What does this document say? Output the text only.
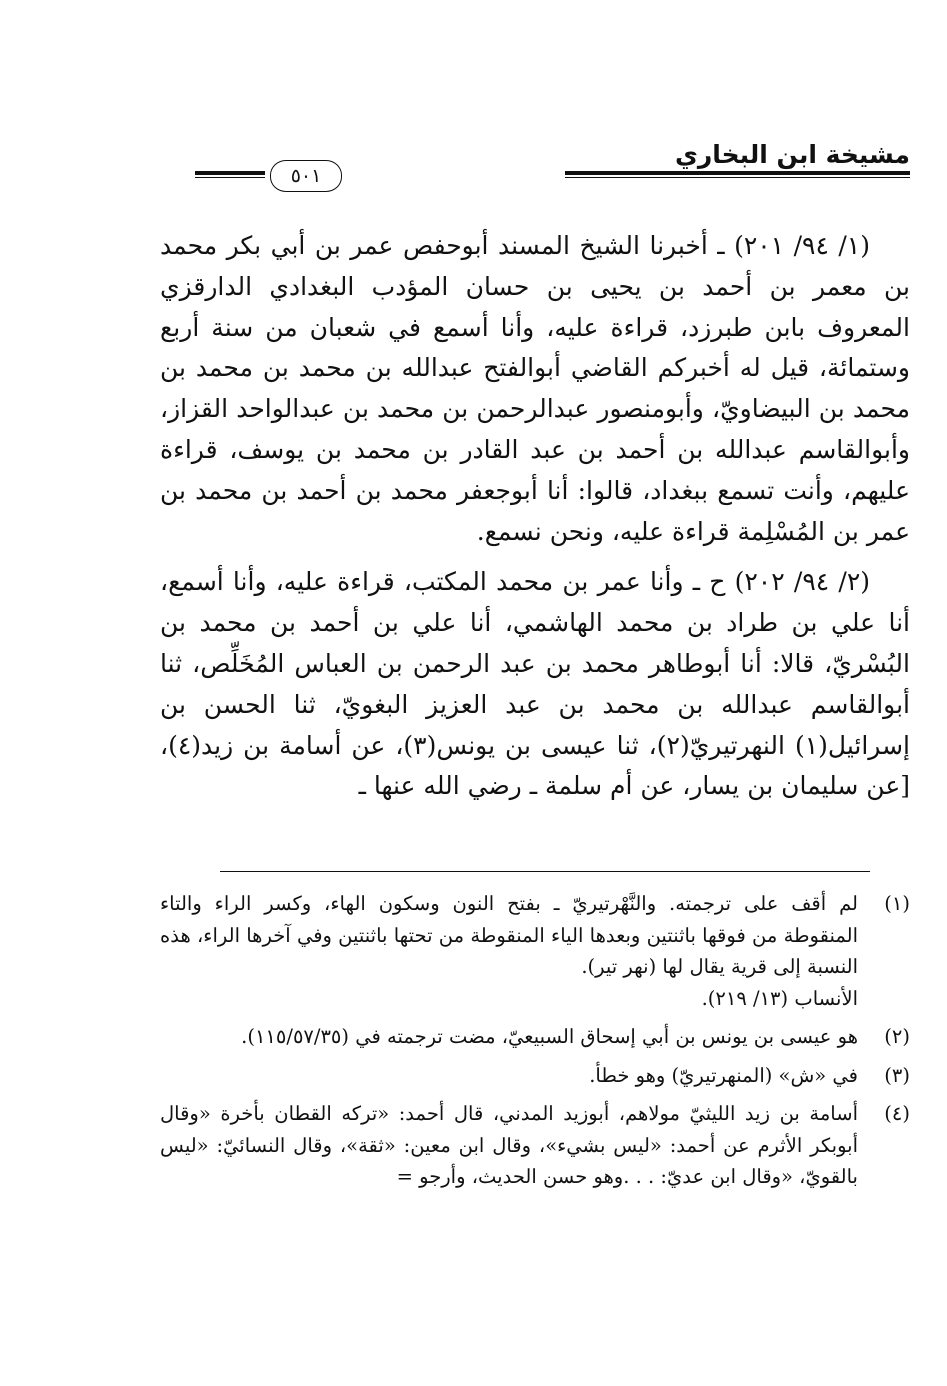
مشيخة ابن البخاري
٥٠١

(١/ ٩٤/ ٢٠١) ـ أخبرنا الشيخ المسند أبوحفص عمر بن أبي بكر محمد بن معمر بن أحمد بن يحيى بن حسان المؤدب البغدادي الدارقزي المعروف بابن طبرزد، قراءة عليه، وأنا أسمع في شعبان من سنة أربع وستمائة، قيل له أخبركم القاضي أبوالفتح عبدالله بن محمد بن محمد بن محمد بن البيضاويّ، وأبومنصور عبدالرحمن بن محمد بن عبدالواحد القزاز، وأبوالقاسم عبدالله بن أحمد بن عبد القادر بن محمد بن يوسف، قراءة عليهم، وأنت تسمع ببغداد، قالوا: أنا أبوجعفر محمد بن أحمد بن محمد بن عمر بن المُسْلِمة قراءة عليه، ونحن نسمع.

(٢/ ٩٤/ ٢٠٢) ح ـ وأنا عمر بن محمد المكتب، قراءة عليه، وأنا أسمع، أنا علي بن طراد بن محمد الهاشمي، أنا علي بن أحمد بن محمد بن البُسْريّ، قالا: أنا أبوطاهر محمد بن عبد الرحمن بن العباس المُخَلِّص، ثنا أبوالقاسم عبدالله بن محمد بن عبد العزيز البغويّ، ثنا الحسن بن إسرائيل(١) النهرتيريّ(٢)، ثنا عيسى بن يونس(٣)، عن أسامة بن زيد(٤)، [عن سليمان بن يسار، عن أم سلمة ـ رضي الله عنها ـ

(١)
لم أقف على ترجمته. والنَّهْرتيريّ ـ بفتح النون وسكون الهاء، وكسر الراء والتاء المنقوطة من فوقها باثنتين وبعدها الياء المنقوطة من تحتها باثنتين وفي آخرها الراء، هذه النسبة إلى قرية يقال لها (نهر تير).
الأنساب (١٣/ ٢١٩).
(٢)
هو عيسى بن يونس بن أبي إسحاق السبيعيّ، مضت ترجمته في (١١٥/٥٧/٣٥).
(٣)
في «ش» (المنهرتيريّ) وهو خطأ.
(٤)
أسامة بن زيد الليثيّ مولاهم، أبوزيد المدني، قال أحمد: «تركه القطان بأخرة «وقال أبوبكر الأثرم عن أحمد: «ليس بشيء»، وقال ابن معين: «ثقة»، وقال النسائيّ: «ليس بالقويّ، «وقال ابن عديّ: . . .وهو حسن الحديث، وأرجو =
